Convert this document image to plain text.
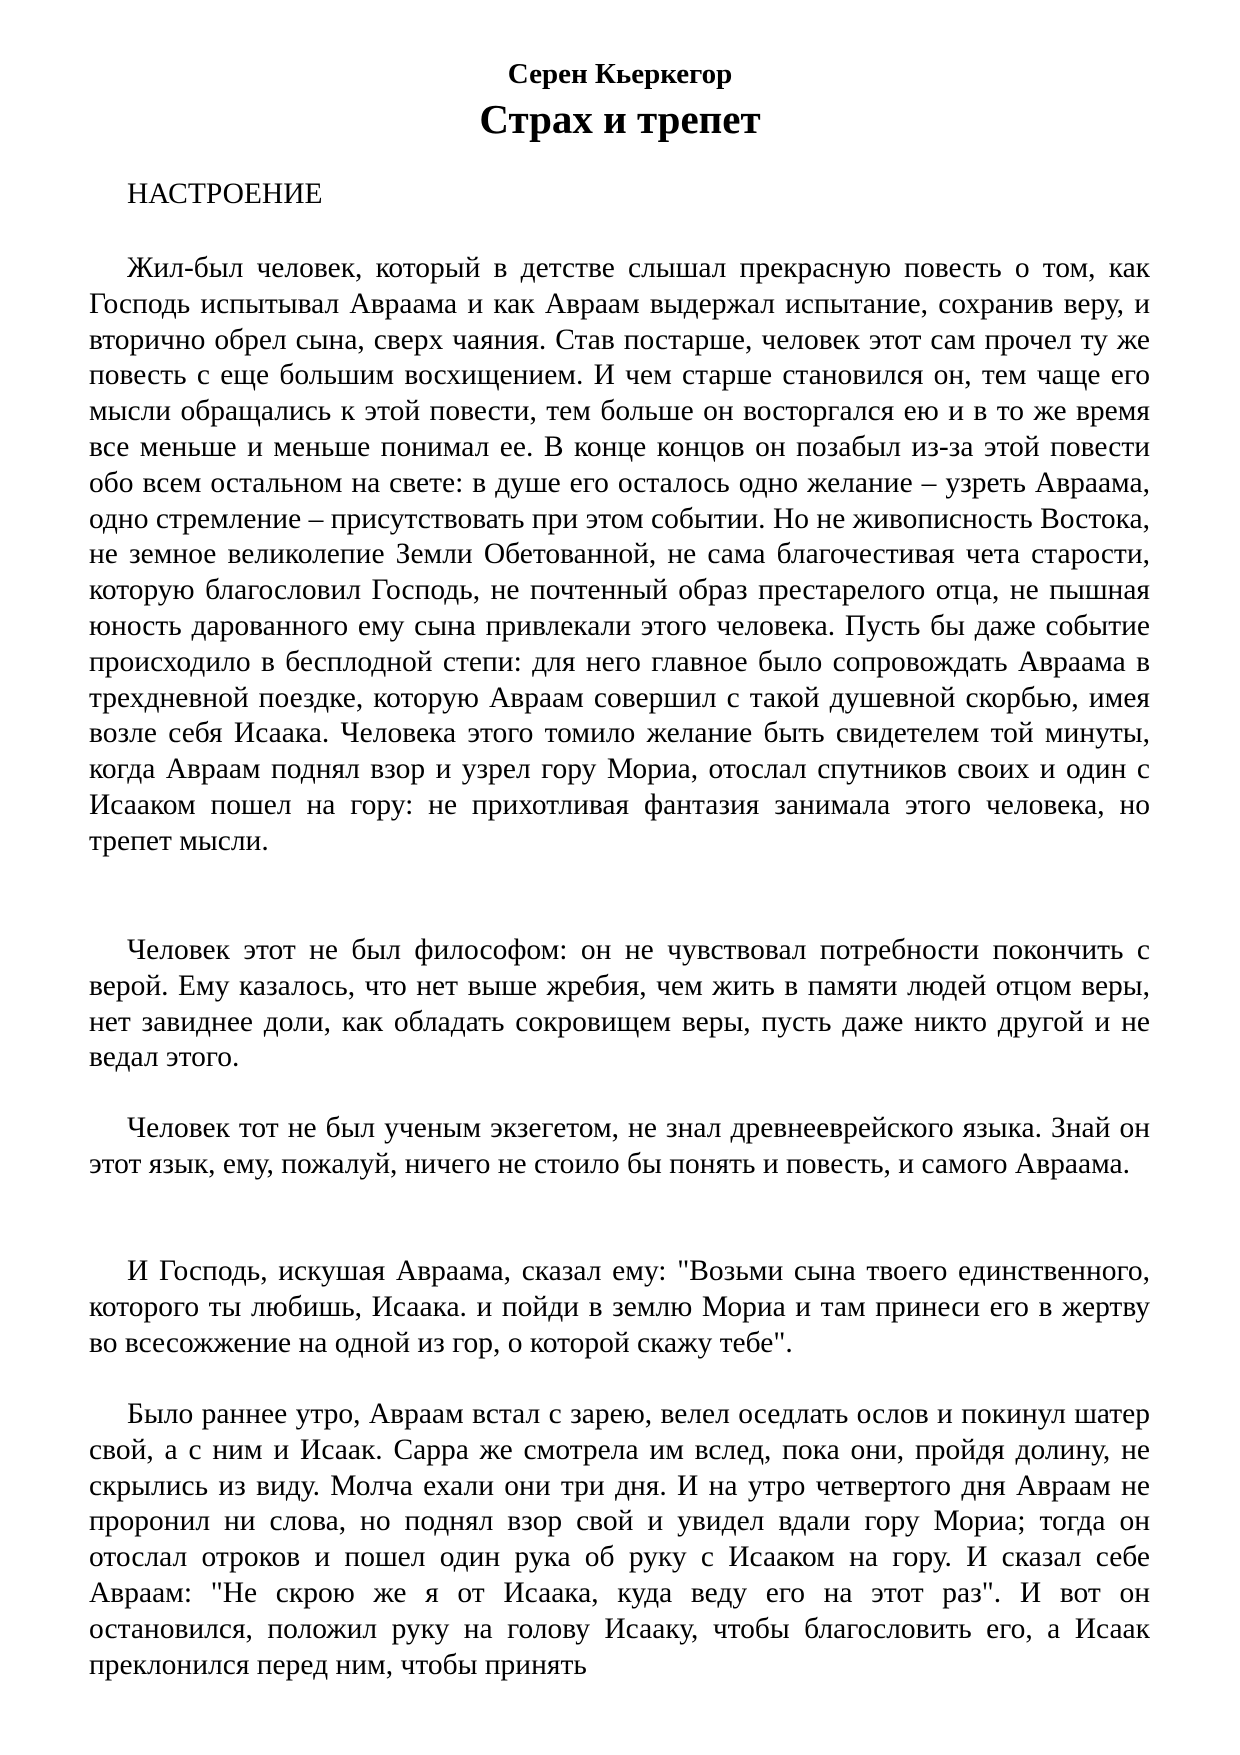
Серен Кьеркегор
Страх и трепет

НАСТРОЕНИЕ

Жил-был человек, который в детстве слышал прекрасную повесть о том, как Господь испытывал Авраама и как Авраам выдержал испытание, сохранив веру, и вторично обрел сына, сверх чаяния. Став постарше, человек этот сам прочел ту же повесть с еще большим восхищением. И чем старше становился он, тем чаще его мысли обращались к этой повести, тем больше он восторгался ею и в то же время все меньше и меньше понимал ее. В конце концов он позабыл из-за этой повести обо всем остальном на свете: в душе его осталось одно желание – узреть Авраама, одно стремление – присутствовать при этом событии. Но не живописность Востока, не земное великолепие Земли Обетованной, не сама благочестивая чета старости, которую благословил Господь, не почтенный образ престарелого отца, не пышная юность дарованного ему сына привлекали этого человека. Пусть бы даже событие происходило в бесплодной степи: для него главное было сопровождать Авраама в трехдневной поездке, которую Авраам совершил с такой душевной скорбью, имея возле себя Исаака. Человека этого томило желание быть свидетелем той минуты, когда Авраам поднял взор и узрел гору Мориа, отослал спутников своих и один с Исааком пошел на гору: не прихотливая фантазия занимала этого человека, но трепет мысли.

Человек этот не был философом: он не чувствовал потребности покончить с верой. Ему казалось, что нет выше жребия, чем жить в памяти людей отцом веры, нет завиднее доли, как обладать сокровищем веры, пусть даже никто другой и не ведал этого.

Человек тот не был ученым экзегетом, не знал древнееврейского языка. Знай он этот язык, ему, пожалуй, ничего не стоило бы понять и повесть, и самого Авраама.

И Господь, искушая Авраама, сказал ему: "Возьми сына твоего единственного, которого ты любишь, Исаака. и пойди в землю Мориа и там принеси его в жертву во всесожжение на одной из гор, о которой скажу тебе".

Было раннее утро, Авраам встал с зарею, велел оседлать ослов и покинул шатер свой, а с ним и Исаак. Сарра же смотрела им вслед, пока они, пройдя долину, не скрылись из виду. Молча ехали они три дня. И на утро четвертого дня Авраам не проронил ни слова, но поднял взор свой и увидел вдали гору Мориа; тогда он отослал отроков и пошел один рука об руку с Исааком на гору. И сказал себе Авраам: "Не скрою же я от Исаака, куда веду его на этот раз". И вот он остановился, положил руку на голову Исааку, чтобы благословить его, а Исаак преклонился перед ним, чтобы принять
